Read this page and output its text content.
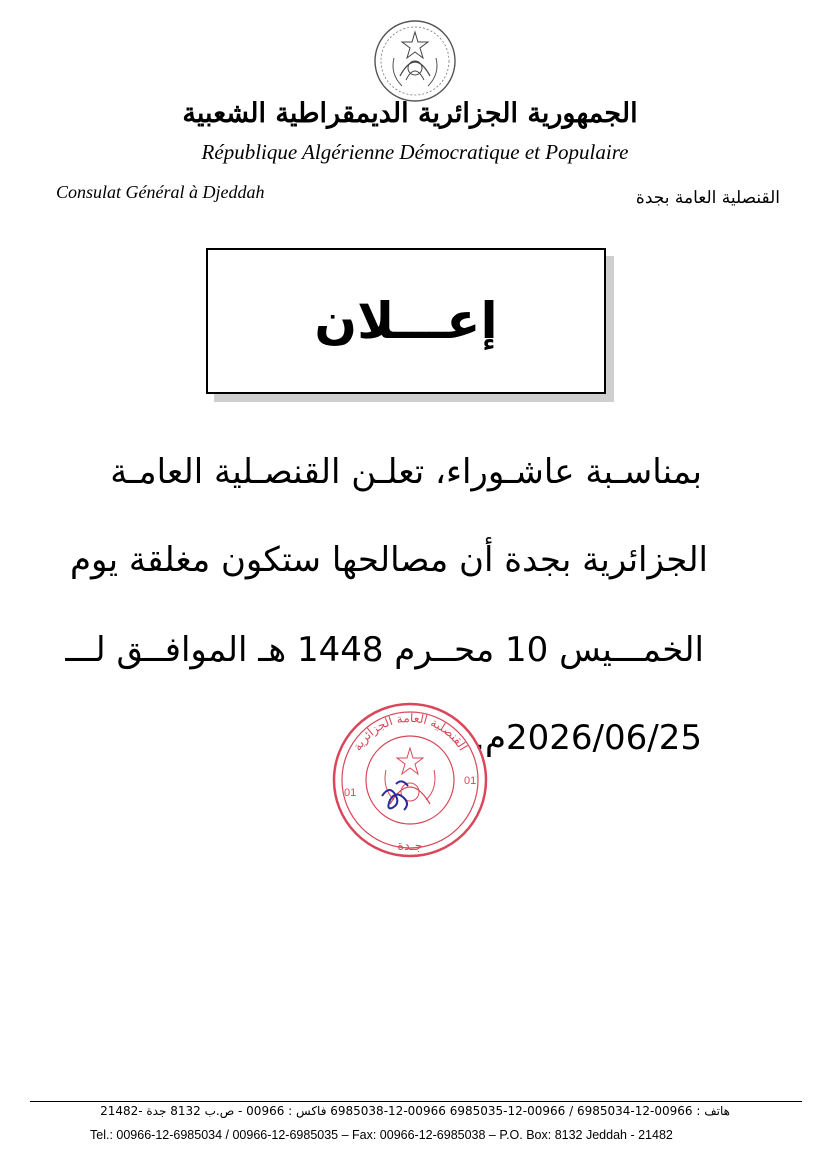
الجمهورية الجزائرية الديمقراطية الشعبية
République Algérienne Démocratique et Populaire
Consulat Général à Djeddah	القنصلية العامة بجدة
إعـــلان
بمناسـبة عاشـوراء، تعلـن القنصـلية العامـة
الجزائرية بجدة أن مصالحها ستكون مغلقة يوم
الخمـــيس 10 محــرم 1448 هـ الموافــق لـــ
2026/06/25م.
القنصلية العامة الجزائرية
جـدة
01
01
هاتف : 00966-12-6985034 / 00966-12-6985035 00966-12-6985038 فاكس : 00966 - ص.ب 8132 جدة -21482
Tel.: 00966-12-6985034 / 00966-12-6985035 – Fax: 00966-12-6985038 – P.O. Box: 8132 Jeddah - 21482
